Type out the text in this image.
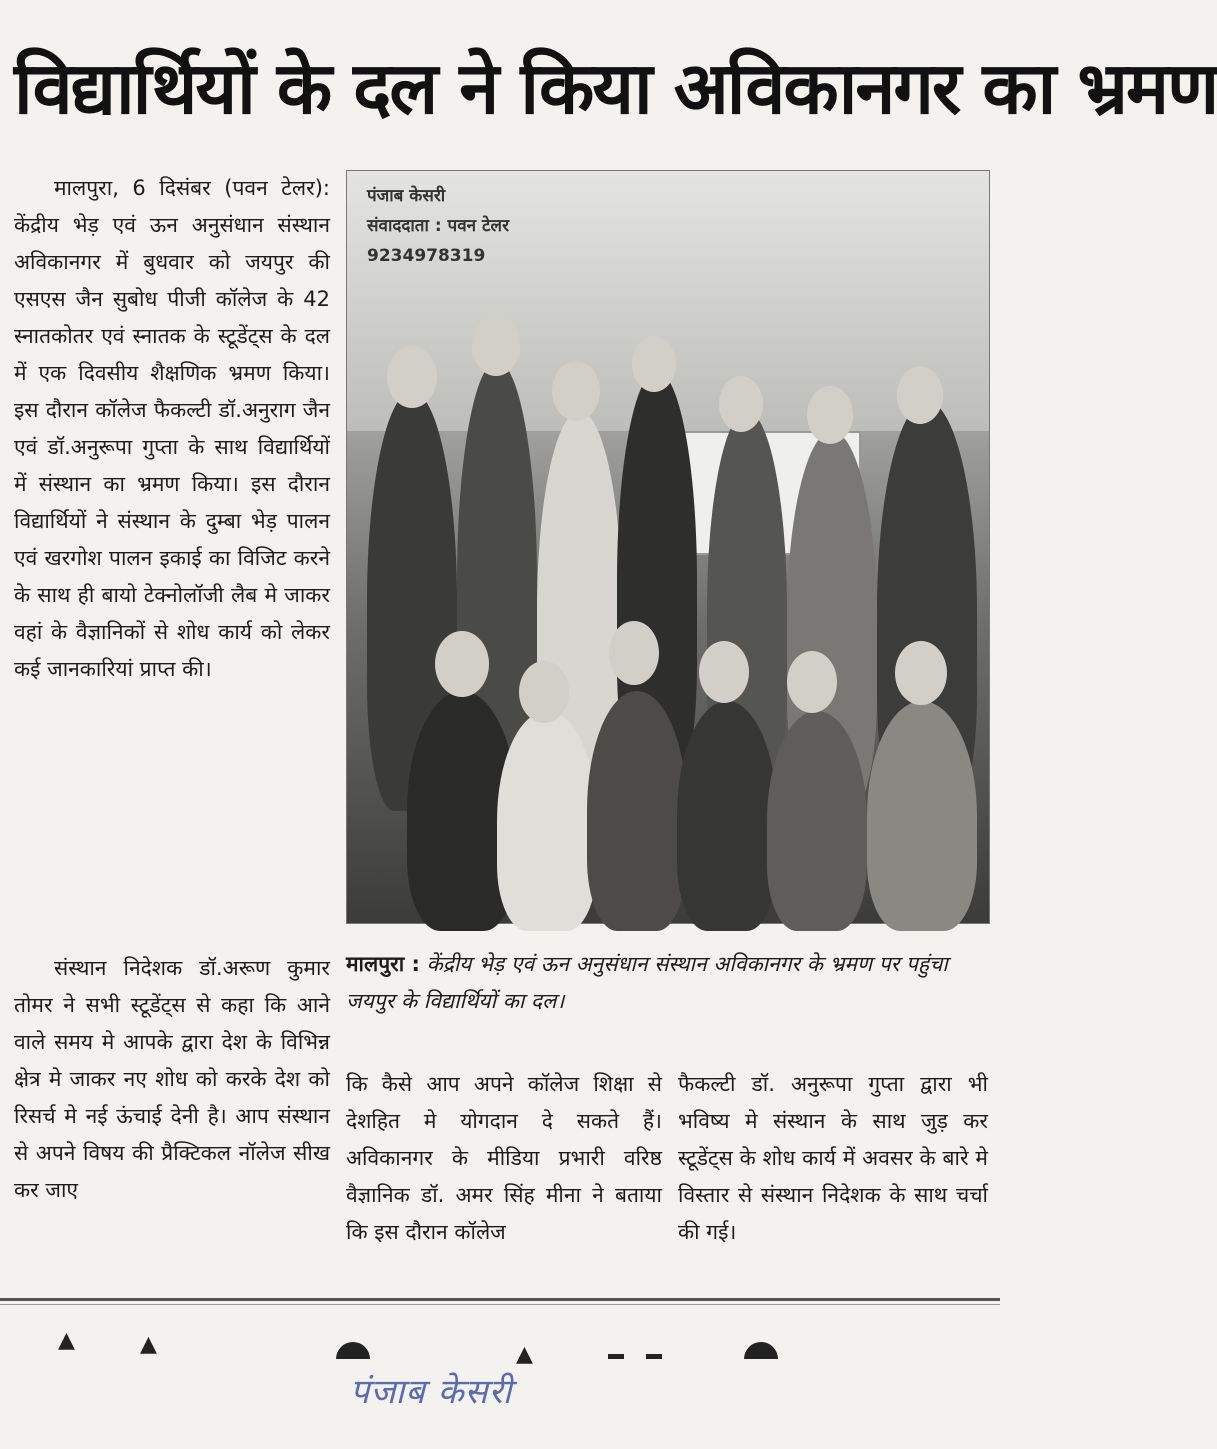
विद्यार्थियों के दल ने किया अविकानगर का भ्रमण

मालपुरा, 6 दिसंबर (पवन टेलर): केंद्रीय भेड़ एवं ऊन अनुसंधान संस्थान अविकानगर में बुधवार को जयपुर की एसएस जैन सुबोध पीजी कॉलेज के 42 स्नातकोतर एवं स्नातक के स्टूडेंट्स के दल में एक दिवसीय शैक्षणिक भ्रमण किया। इस दौरान कॉलेज फैकल्टी डॉ.अनुराग जैन एवं डॉ.अनुरूपा गुप्ता के साथ विद्यार्थियों में संस्थान का भ्रमण किया। इस दौरान विद्यार्थियों ने संस्थान के दुम्बा भेड़ पालन एवं खरगोश पालन इकाई का विजिट करने के साथ ही बायो टेक्नोलॉजी लैब मे जाकर वहां के वैज्ञानिकों से शोध कार्य को लेकर कई जानकारियां प्राप्त की।

पंजाब केसरी
संवाददाता : पवन टेलर
9234978319
मालपुरा : केंद्रीय भेड़ एवं ऊन अनुसंधान संस्थान अविकानगर के भ्रमण पर पहुंचा जयपुर के विद्यार्थियों का दल।

संस्थान निदेशक डॉ.अरूण कुमार तोमर ने सभी स्टूडेंट्स से कहा कि आने वाले समय मे आपके द्वारा देश के विभिन्न क्षेत्र मे जाकर नए शोध को करके देश को रिसर्च मे नई ऊंचाई देनी है। आप संस्थान से अपने विषय की प्रैक्टिकल नॉलेज सीख कर जाए

कि कैसे आप अपने कॉलेज शिक्षा से देशहित मे योगदान दे सकते हैं। अविकानगर के मीडिया प्रभारी वरिष्ठ वैज्ञानिक डॉ. अमर सिंह मीना ने बताया कि इस दौरान कॉलेज

फैकल्टी डॉ. अनुरूपा गुप्ता द्वारा भी भविष्य मे संस्थान के साथ जुड़ कर स्टूडेंट्स के शोध कार्य में अवसर के बारे मे विस्तार से संस्थान निदेशक के साथ चर्चा की गई।

▲	▲	▲
पंजाब केसरी
